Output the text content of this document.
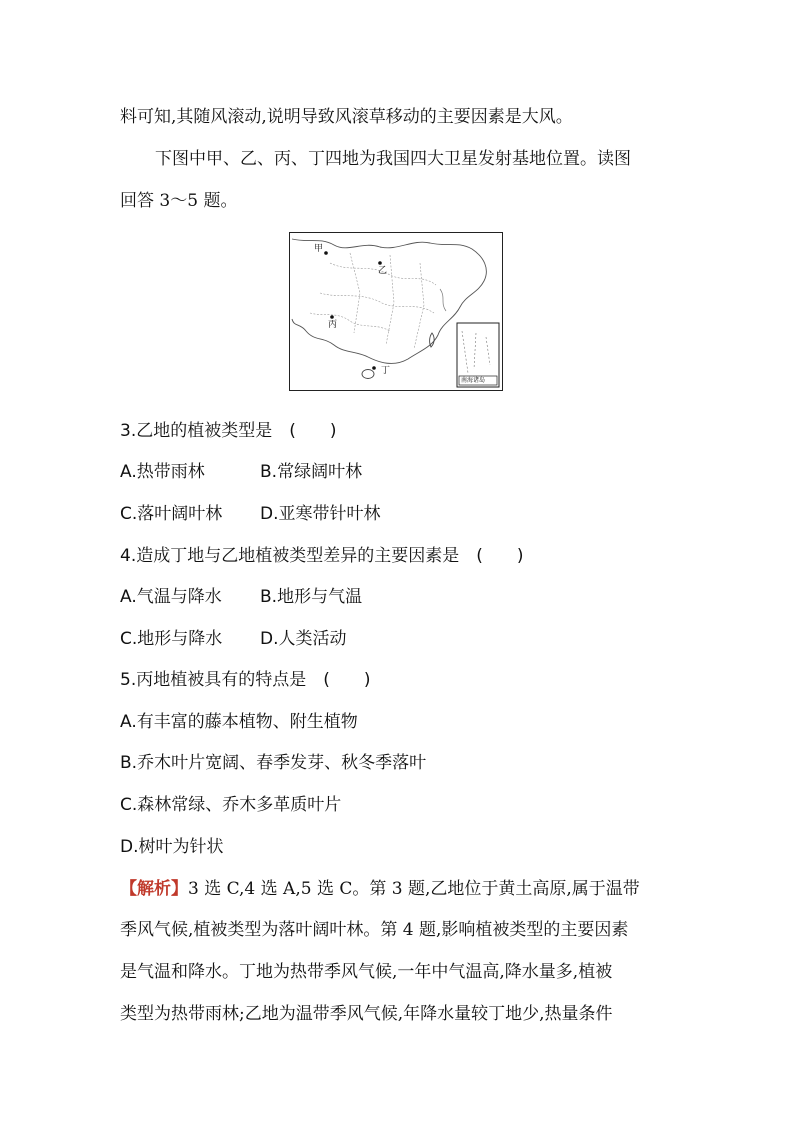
料可知,其随风滚动,说明导致风滚草移动的主要因素是大风。
下图中甲、乙、丙、丁四地为我国四大卫星发射基地位置。读图
回答 3～5 题。
甲
乙
丙
丁
南海诸岛
3.乙地的植被类型是　(　　)
A.热带雨林	B.常绿阔叶林
C.落叶阔叶林 D.亚寒带针叶林
4.造成丁地与乙地植被类型差异的主要因素是　(　　)
A.气温与降水 B.地形与气温
C.地形与降水 D.人类活动
5.丙地植被具有的特点是　(　　)
A.有丰富的藤本植物、附生植物
B.乔木叶片宽阔、春季发芽、秋冬季落叶
C.森林常绿、乔木多革质叶片
D.树叶为针状
【解析】3 选 C,4 选 A,5 选 C。第 3 题,乙地位于黄土高原,属于温带
季风气候,植被类型为落叶阔叶林。第 4 题,影响植被类型的主要因素
是气温和降水。丁地为热带季风气候,一年中气温高,降水量多,植被
类型为热带雨林;乙地为温带季风气候,年降水量较丁地少,热量条件
